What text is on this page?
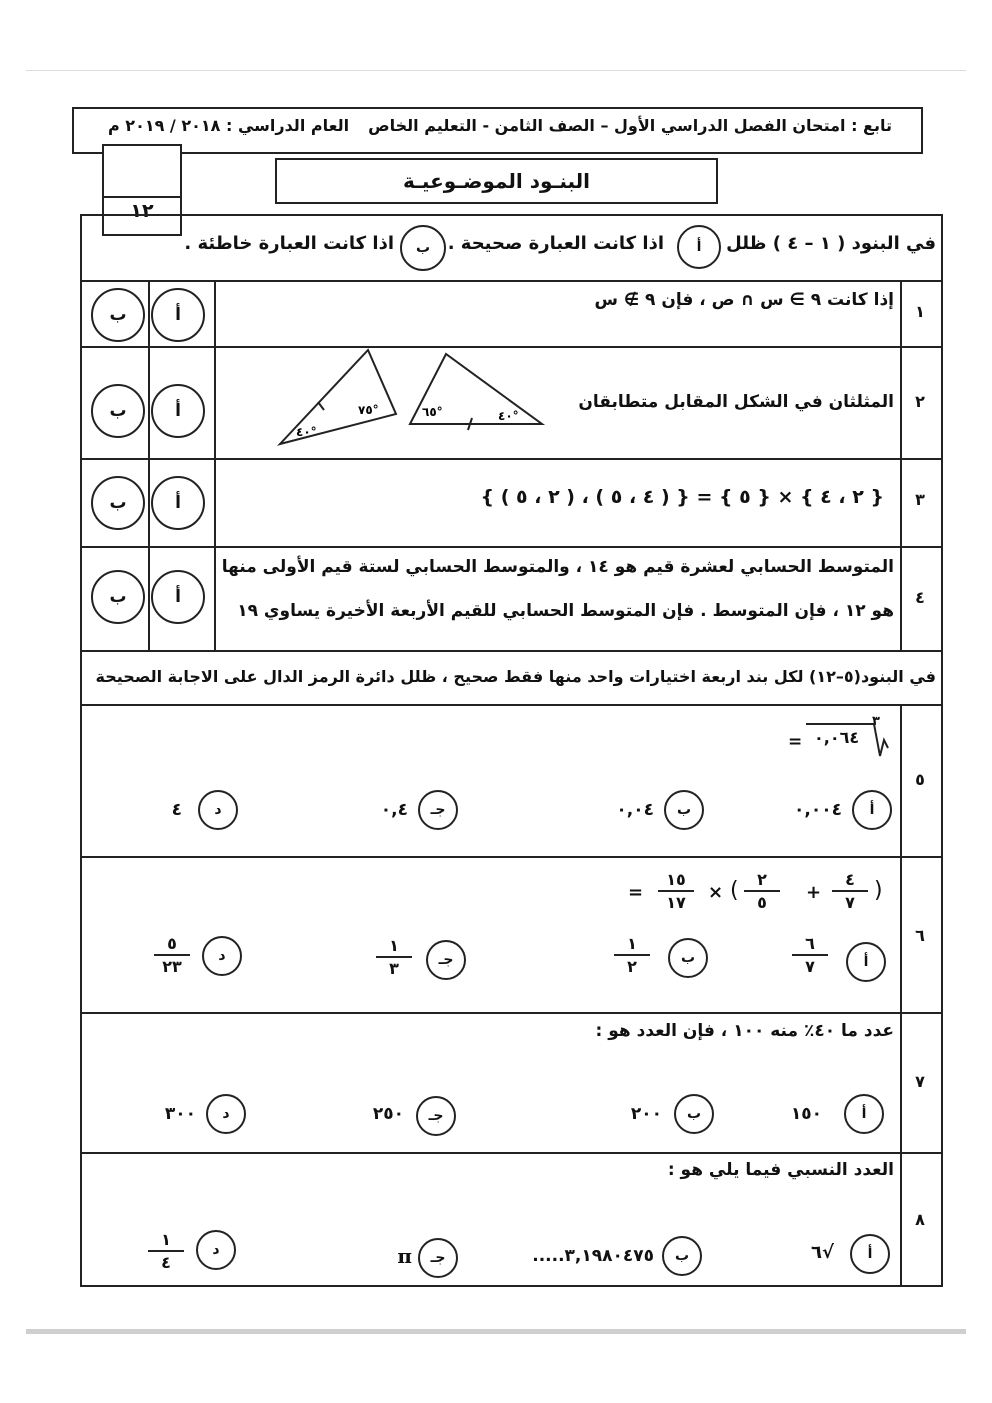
تابع : امتحان الفصل الدراسي الأول – الصف الثامن - التعليم الخاص
العام الدراسي : ٢٠١٨ / ٢٠١٩ م
١٢
البنـود الموضـوعيـة
في البنود ( ١ – ٤ ) ظلل
أ
اذا كانت العبارة صحيحة .
ب
اذا كانت العبارة خاطئة .
١
إذا كانت ٩ ∋ س ∩ ص ، فإن ٩ ∌ س
أ
ب
٢
المثلثان في الشكل المقابل متطابقان
٤٠°
٧٥°	٦٥°	٤٠°
أ
ب
٣
{ ٢ ، ٤ } × { ٥ } = { ( ٤ ، ٥ ) ، ( ٢ ، ٥ ) }
أ
ب
٤
المتوسط الحسابي لعشرة قيم هو ١٤ ، والمتوسط الحسابي لستة قيم الأولى منها
هو ١٢ ، فإن المتوسط . فإن المتوسط الحسابي للقيم الأربعة الأخيرة يساوي ١٩
أ
ب
في البنود(٥–١٢) لكل بند اربعة اختيارات واحد منها فقط صحيح ، ظلل دائرة الرمز الدال على الاجابة الصحيحة
٥
٣
٠,٠٦٤
=
أ
٠,٠٠٤
ب
٠,٠٤
جـ
٠,٤
د
٤
٦
)
٤
٧
+
٢
٥
(
×
١٥
١٧
=
أ
٦
٧
ب
١
٢
جـ
١
٣
د
٥
٢٣
٧
عدد ما ٤٠٪ منه ١٠٠ ، فإن العدد هو :
أ
١٥٠
ب
٢٠٠
جـ
٢٥٠
د
٣٠٠
٨
العدد النسبي فيما يلي هو :
أ
√٦
ب
٣,١٩٨٠٤٧٥.....
جـ
π
د
١
٤
